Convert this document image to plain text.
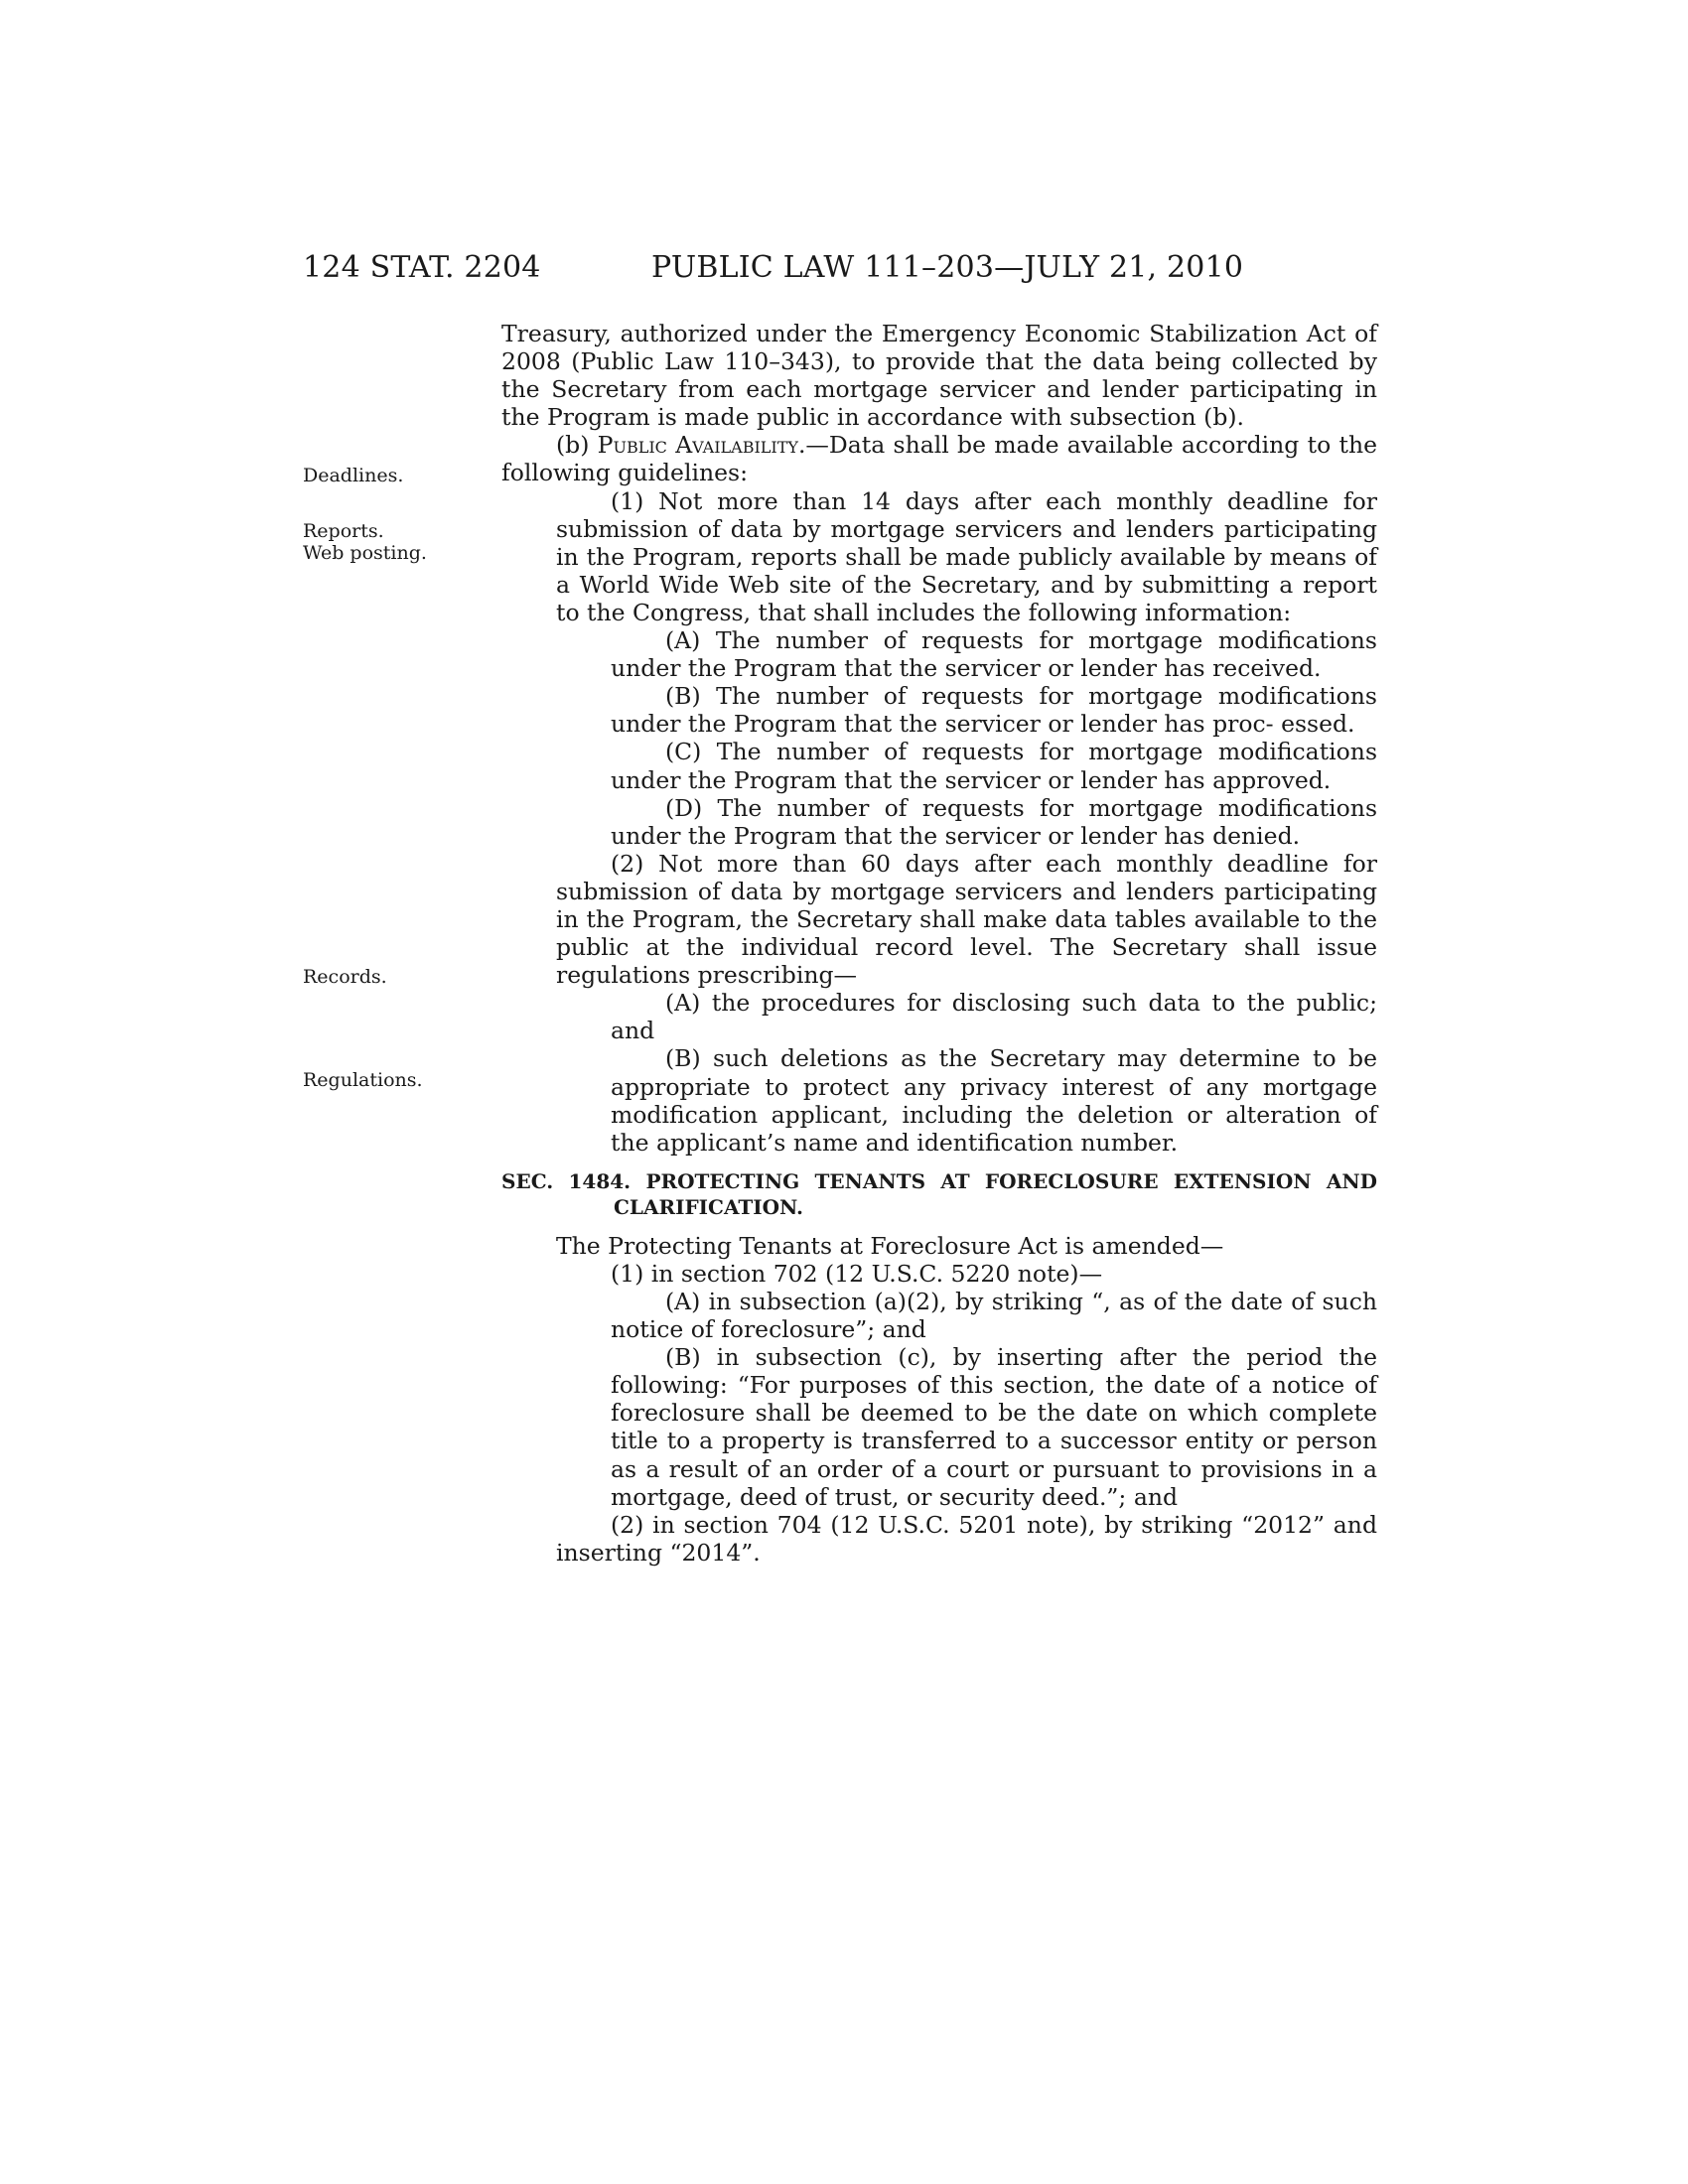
124 STAT. 2204	PUBLIC LAW 111–203—JULY 21, 2010
Deadlines.
Reports.
Web posting.
Records.
Regulations.

Treasury, authorized under the Emergency Economic Stabilization Act of 2008 (Public Law 110–343), to provide that the data being collected by the Secretary from each mortgage servicer and lender participating in the Program is made public in accordance with subsection (b).

(b) Public Availability.—Data shall be made available according to the following guidelines:

(1) Not more than 14 days after each monthly deadline for submission of data by mortgage servicers and lenders participating in the Program, reports shall be made publicly available by means of a World Wide Web site of the Secretary, and by submitting a report to the Congress, that shall includes the following information:

(A) The number of requests for mortgage modifications under the Program that the servicer or lender has received.

(B) The number of requests for mortgage modifications under the Program that the servicer or lender has proc- essed.

(C) The number of requests for mortgage modifications under the Program that the servicer or lender has approved.

(D) The number of requests for mortgage modifications under the Program that the servicer or lender has denied.

(2) Not more than 60 days after each monthly deadline for submission of data by mortgage servicers and lenders participating in the Program, the Secretary shall make data tables available to the public at the individual record level. The Secretary shall issue regulations prescribing—

(A) the procedures for disclosing such data to the public; and

(B) such deletions as the Secretary may determine to be appropriate to protect any privacy interest of any mortgage modification applicant, including the deletion or alteration of the applicant’s name and identification number.

SEC. 1484. PROTECTING TENANTS AT FORECLOSURE EXTENSION AND CLARIFICATION.

The Protecting Tenants at Foreclosure Act is amended—

(1) in section 702 (12 U.S.C. 5220 note)—

(A) in subsection (a)(2), by striking “, as of the date of such notice of foreclosure”; and

(B) in subsection (c), by inserting after the period the following: “For purposes of this section, the date of a notice of foreclosure shall be deemed to be the date on which complete title to a property is transferred to a successor entity or person as a result of an order of a court or pursuant to provisions in a mortgage, deed of trust, or security deed.”; and

(2) in section 704 (12 U.S.C. 5201 note), by striking “2012” and inserting “2014”.
